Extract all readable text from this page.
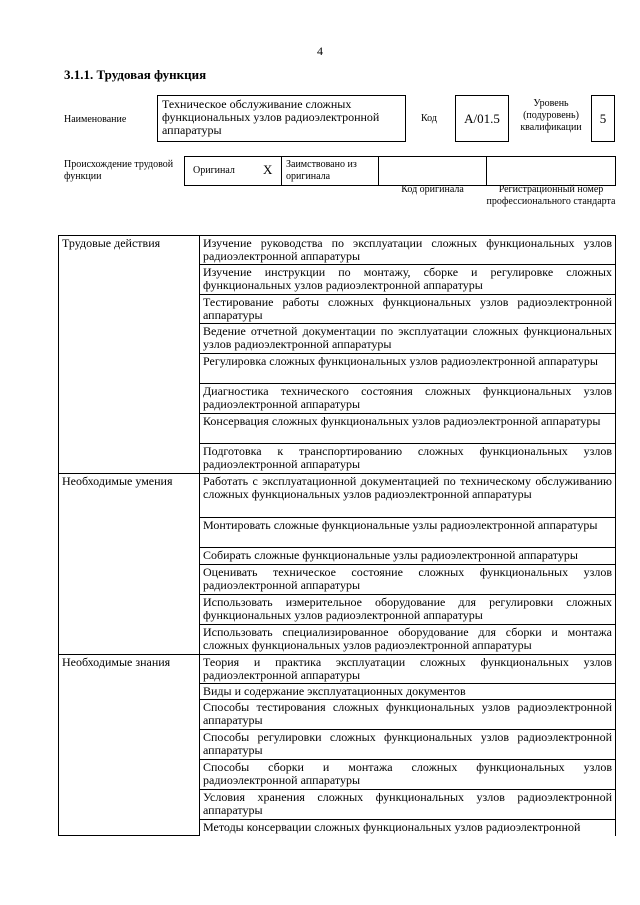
4
3.1.1. Трудовая функция
Наименование
Техническое обслуживание сложных функциональных узлов радиоэлектронной аппаратуры
Код	A/01.5
Уровень (подуровень) квалификации
5
Происхождение трудовой функции
Оригинал X	Заимствовано из оригинала
Код оригинала	Регистрационный номер профессионального стандарта
Трудовые действия	Изучение руководства по эксплуатации сложных функциональных узлов радиоэлектронной аппаратуры
	Изучение инструкции по монтажу, сборке и регулировке сложных функциональных узлов радиоэлектронной аппаратуры
	Тестирование работы сложных функциональных узлов радиоэлектронной аппаратуры
	Ведение отчетной документации по эксплуатации сложных функциональных узлов радиоэлектронной аппаратуры
	Регулировка сложных функциональных узлов радиоэлектронной аппаратуры
	Диагностика технического состояния сложных функциональных узлов радиоэлектронной аппаратуры
	Консервация сложных функциональных узлов радиоэлектронной аппаратуры
	Подготовка к транспортированию сложных функциональных узлов радиоэлектронной аппаратуры
Необходимые умения	Работать с эксплуатационной документацией по техническому обслуживанию сложных функциональных узлов радиоэлектронной аппаратуры
	Монтировать сложные функциональные узлы радиоэлектронной аппаратуры
	Собирать сложные функциональные узлы радиоэлектронной аппаратуры
	Оценивать техническое состояние сложных функциональных узлов радиоэлектронной аппаратуры
	Использовать измерительное оборудование для регулировки сложных функциональных узлов радиоэлектронной аппаратуры
	Использовать специализированное оборудование для сборки и монтажа сложных функциональных узлов радиоэлектронной аппаратуры
Необходимые знания	Теория и практика эксплуатации сложных функциональных узлов радиоэлектронной аппаратуры
	Виды и содержание эксплуатационных документов
	Способы тестирования сложных функциональных узлов радиоэлектронной аппаратуры
	Способы регулировки сложных функциональных узлов радиоэлектронной аппаратуры
	Способы сборки и монтажа сложных функциональных узлов радиоэлектронной аппаратуры
	Условия хранения сложных функциональных узлов радиоэлектронной аппаратуры
	Методы консервации сложных функциональных узлов радиоэлектронной
